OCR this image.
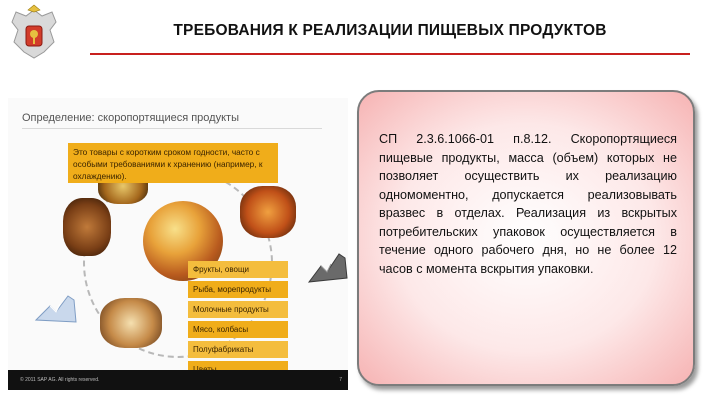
ТРЕБОВАНИЯ К РЕАЛИЗАЦИИ ПИЩЕВЫХ ПРОДУКТОВ
Определение: скоропортящиеся продукты
Это товары с коротким сроком годности, часто с особыми требованиями к хранению (например, к охлаждению).
Фрукты, овощи
Рыба, морепродукты
Молочные продукты
Мясо, колбасы
Полуфабрикаты
© 2011 SAP AG. All rights reserved.	7
СП 2.3.6.1066-01 п.8.12. Скоропортящиеся пищевые продукты, масса (объем) которых не позволяет осуществить их реализацию одномоментно, допускается реализовывать вразвес в отделах. Реализация из вскрытых потребительских упаковок осуществляется в течение одного рабочего дня, но не более 12 часов с момента вскрытия упаковки.
